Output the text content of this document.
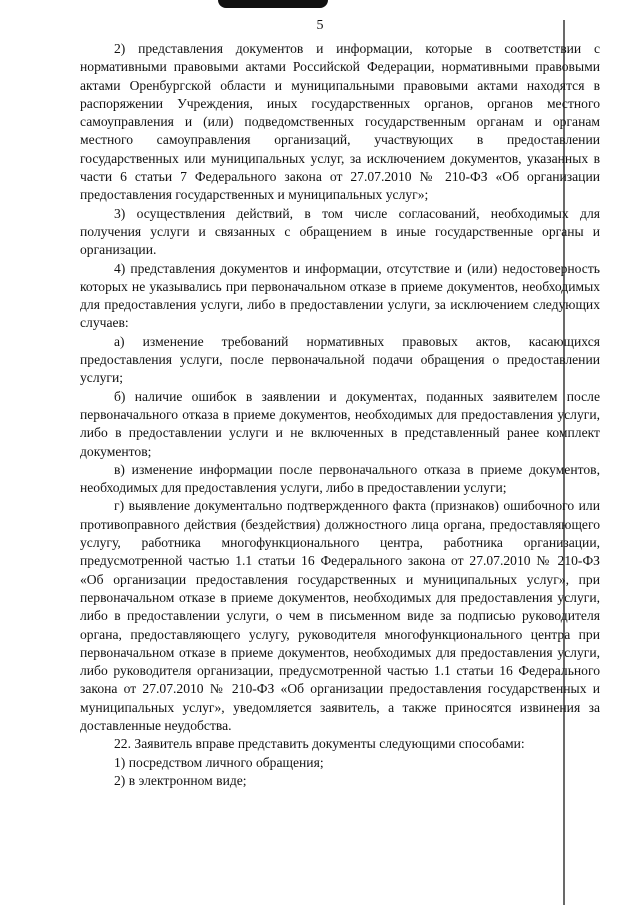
5

2) представления документов и информации, которые в соответствии с нормативными правовыми актами Российской Федерации, нормативными правовыми актами Оренбургской области и муниципальными правовыми актами находятся в распоряжении Учреждения, иных государственных органов, органов местного самоуправления и (или) подведомственных государственным органам и органам местного самоуправления организаций, участвующих в предоставлении государственных или муниципальных услуг, за исключением документов, указанных в части 6 статьи 7 Федерального закона от 27.07.2010 № 210-ФЗ «Об организации предоставления государственных и муниципальных услуг»;

3) осуществления действий, в том числе согласований, необходимых для получения услуги и связанных с обращением в иные государственные органы и организации.

4) представления документов и информации, отсутствие и (или) недостоверность которых не указывались при первоначальном отказе в приеме документов, необходимых для предоставления услуги, либо в предоставлении услуги, за исключением следующих случаев:

а) изменение требований нормативных правовых актов, касающихся предоставления услуги, после первоначальной подачи обращения о предоставлении услуги;

б) наличие ошибок в заявлении и документах, поданных заявителем после первоначального отказа в приеме документов, необходимых для предоставления услуги, либо в предоставлении услуги и не включенных в представленный ранее комплект документов;

в) изменение информации после первоначального отказа в приеме документов, необходимых для предоставления услуги, либо в предоставлении услуги;

г) выявление документально подтвержденного факта (признаков) ошибочного или противоправного действия (бездействия) должностного лица органа, предоставляющего услугу, работника многофункционального центра, работника организации, предусмотренной частью 1.1 статьи 16 Федерального закона от 27.07.2010 № 210-ФЗ «Об организации предоставления государственных и муниципальных услуг», при первоначальном отказе в приеме документов, необходимых для предоставления услуги, либо в предоставлении услуги, о чем в письменном виде за подписью руководителя органа, предоставляющего услугу, руководителя многофункционального центра при первоначальном отказе в приеме документов, необходимых для предоставления услуги, либо руководителя организации, предусмотренной частью 1.1 статьи 16 Федерального закона от 27.07.2010 № 210-ФЗ «Об организации предоставления государственных и муниципальных услуг», уведомляется заявитель, а также приносятся извинения за доставленные неудобства.

22. Заявитель вправе представить документы следующими способами:

1) посредством личного обращения;

2) в электронном виде;
